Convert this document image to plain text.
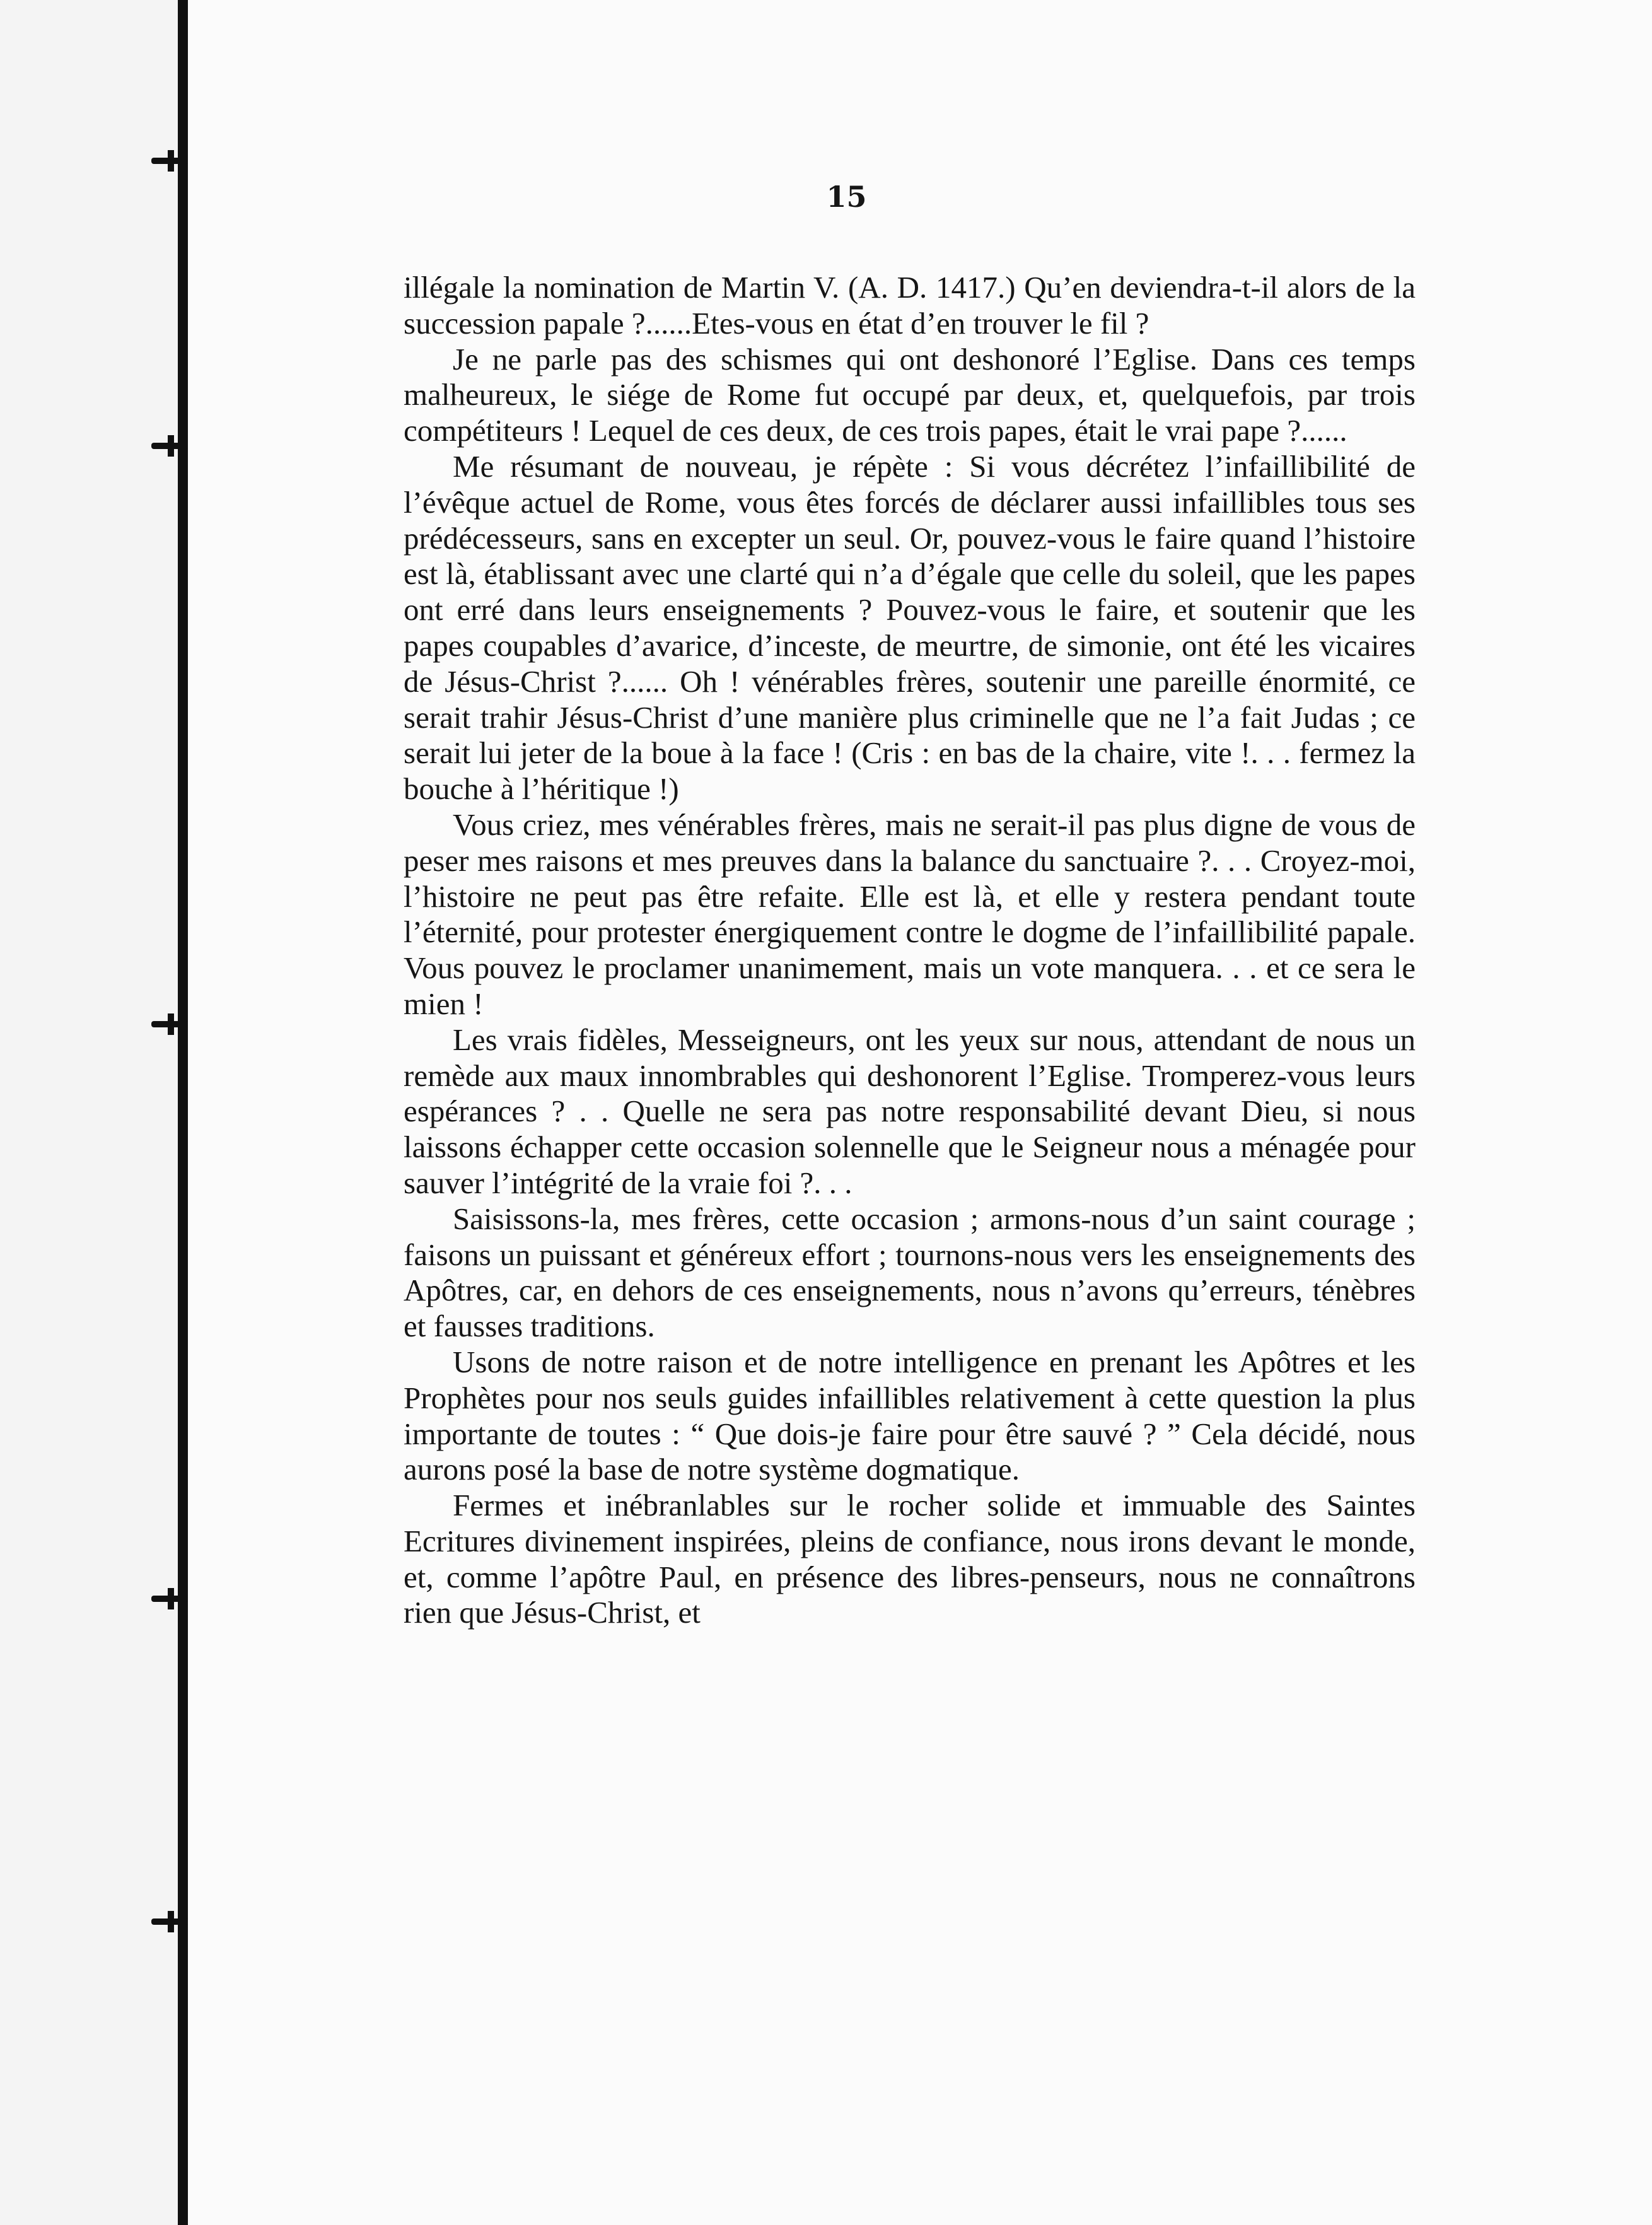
15

illégale la nomination de Martin V. (A. D. 1417.) Qu’en deviendra-t-il alors de la succession papale ?......Etes-vous en état d’en trouver le fil ?

Je ne parle pas des schismes qui ont deshonoré l’Eglise. Dans ces temps malheureux, le siége de Rome fut occupé par deux, et, quelquefois, par trois compétiteurs ! Lequel de ces deux, de ces trois papes, était le vrai pape ?......

Me résumant de nouveau, je répète : Si vous décrétez l’infaillibilité de l’évêque actuel de Rome, vous êtes forcés de déclarer aussi infaillibles tous ses prédécesseurs, sans en excepter un seul. Or, pouvez-vous le faire quand l’histoire est là, établissant avec une clarté qui n’a d’égale que celle du soleil, que les papes ont erré dans leurs enseignements ? Pouvez-vous le faire, et soutenir que les papes coupables d’avarice, d’inceste, de meurtre, de simonie, ont été les vicaires de Jésus-Christ ?...... Oh ! vénérables frères, soutenir une pareille énormité, ce serait trahir Jésus-Christ d’une manière plus criminelle que ne l’a fait Judas ; ce serait lui jeter de la boue à la face ! (Cris : en bas de la chaire, vite !. . . fermez la bouche à l’héritique !)

Vous criez, mes vénérables frères, mais ne serait-il pas plus digne de vous de peser mes raisons et mes preuves dans la balance du sanctuaire ?. . . Croyez-moi, l’histoire ne peut pas être refaite. Elle est là, et elle y restera pendant toute l’éternité, pour protester énergiquement contre le dogme de l’infaillibilité papale. Vous pouvez le proclamer unanimement, mais un vote manquera. . . et ce sera le mien !

Les vrais fidèles, Messeigneurs, ont les yeux sur nous, attendant de nous un remède aux maux innombrables qui deshonorent l’Eglise. Tromperez-vous leurs espérances ? . . Quelle ne sera pas notre responsabilité devant Dieu, si nous laissons échapper cette occasion solennelle que le Seigneur nous a ménagée pour sauver l’intégrité de la vraie foi ?. . .

Saisissons-la, mes frères, cette occasion ; armons-nous d’un saint courage ; faisons un puissant et généreux effort ; tournons-nous vers les enseignements des Apôtres, car, en dehors de ces enseignements, nous n’avons qu’erreurs, ténèbres et fausses traditions.

Usons de notre raison et de notre intelligence en prenant les Apôtres et les Prophètes pour nos seuls guides infaillibles relativement à cette question la plus importante de toutes : “ Que dois-je faire pour être sauvé ? ” Cela décidé, nous aurons posé la base de notre système dogmatique.

Fermes et inébranlables sur le rocher solide et immuable des Saintes Ecritures divinement inspirées, pleins de confiance, nous irons devant le monde, et, comme l’apôtre Paul, en présence des libres-penseurs, nous ne connaîtrons rien que Jésus-Christ, et
